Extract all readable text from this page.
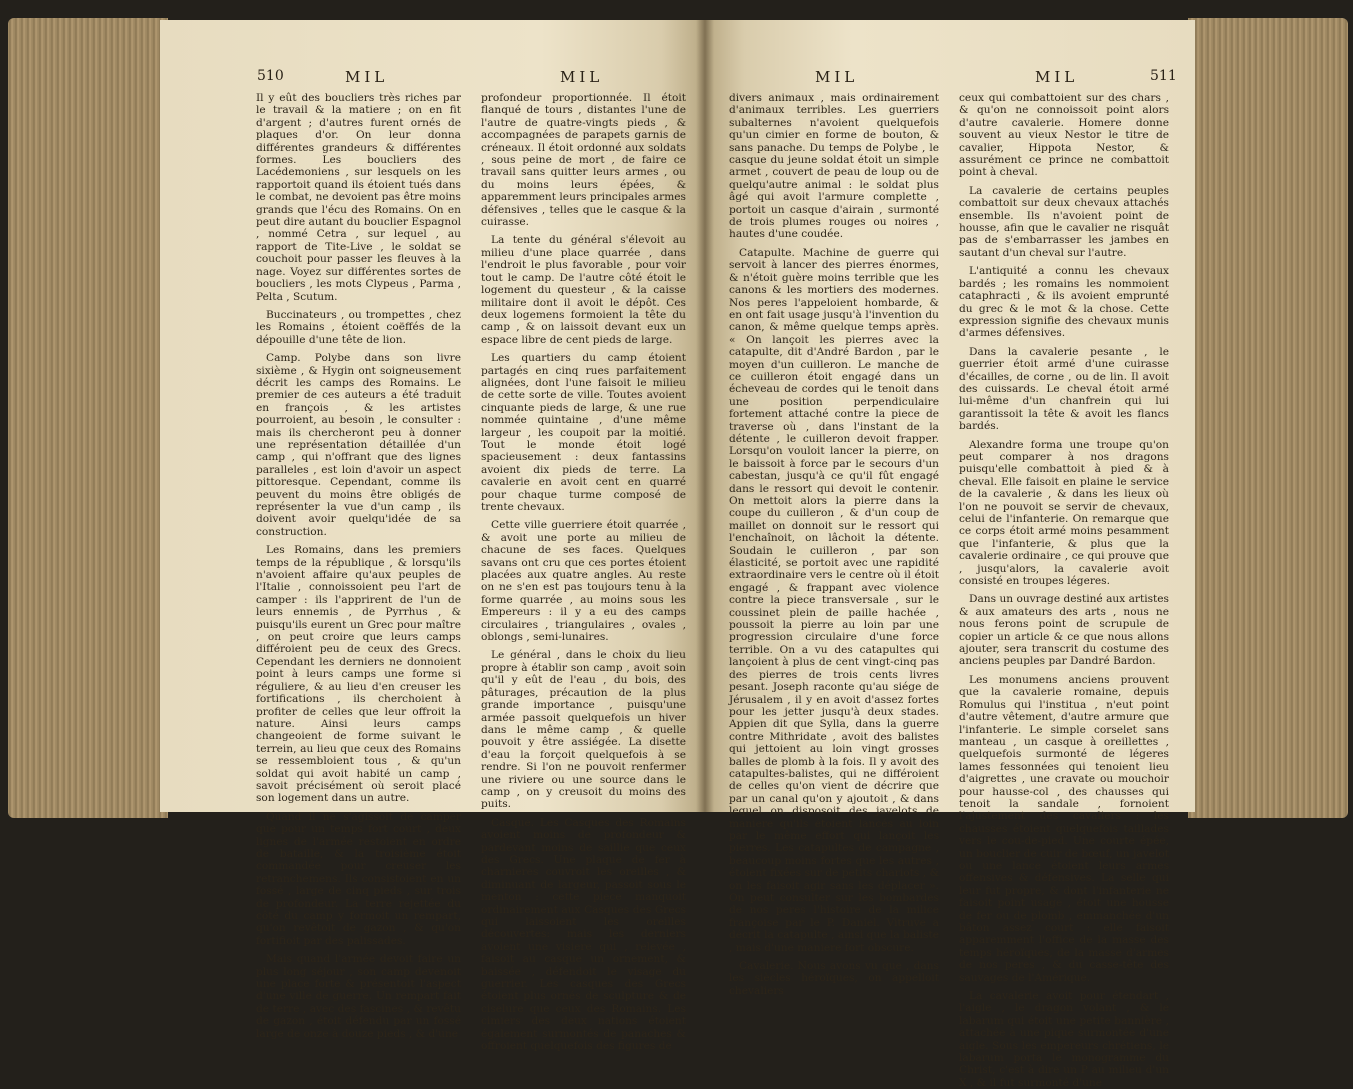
510	MIL	MIL

Il y eût des boucliers très riches par le travail & la matiere ; on en fit d'argent ; d'autres furent ornés de plaques d'or. On leur donna différentes grandeurs & différentes formes. Les boucliers des Lacédemoniens , sur lesquels on les rapportoit quand ils étoient tués dans le combat, ne devoient pas être moins grands que l'écu des Romains. On en peut dire autant du bouclier Espagnol , nommé Cetra , sur lequel , au rapport de Tite-Live , le soldat se couchoit pour passer les fleuves à la nage. Voyez sur différentes sortes de boucliers , les mots Clypeus , Parma , Pelta , Scutum.

Buccinateurs , ou trompettes , chez les Romains , étoient coëffés de la dépouille d'une tête de lion.

Camp. Polybe dans son livre sixième , & Hygin ont soigneusement décrit les camps des Romains. Le premier de ces auteurs a été traduit en françois , & les artistes pourroient, au besoin , le consulter : mais ils chercheront peu à donner une représentation détaillée d'un camp , qui n'offrant que des lignes paralleles , est loin d'avoir un aspect pittoresque. Cependant, comme ils peuvent du moins être obligés de représenter la vue d'un camp , ils doivent avoir quelqu'idée de sa construction.

Les Romains, dans les premiers temps de la république , & lorsqu'ils n'avoient affaire qu'aux peuples de l'Italie , connoissoient peu l'art de camper : ils l'apprirent de l'un de leurs ennemis , de Pyrrhus , & puisqu'ils eurent un Grec pour maître , on peut croire que leurs camps différoient peu de ceux des Grecs. Cependant les derniers ne donnoient point à leurs camps une forme si réguliere, & au lieu d'en creuser les fortifications , ils cherchoient à profiter de celles que leur offroit la nature. Ainsi leurs camps changeoient de forme suivant le terrein, au lieu que ceux des Romains se ressembloient tous , & qu'un soldat qui avoit habité un camp , savoit précisément où seroit placé son logement dans un autre.

Quand il ne s'agissoit de camper que pour un temps fort court , deux lignes de l'armée restoient en ordre de bataille, & la troisième étoit commandée pour creuser les retranchemens. Ils consistoient en un fossé , large de cinq pieds , sur trois de profondeur. La terre rejettée du côté du camp y formoit un rempart, qu'on revêtoit de gazon , & qu'on fortifioit par des palissades.

Mais quand l'armée devoit faire un plus long séjour , son camp devenoit une place forte & présentoit l'aspect d'une ville de guerre. Un rempart fait de terre , avec des fascines , & revêtu de gazon , étoit défendu par un fossé large de onze à douze pieds , & d'une

profondeur proportionnée. Il étoit flanqué de tours , distantes l'une de l'autre de quatre-vingts pieds , & accompagnées de parapets garnis de créneaux. Il étoit ordonné aux soldats , sous peine de mort , de faire ce travail sans quitter leurs armes , ou du moins leurs épées, & apparemment leurs principales armes défensives , telles que le casque & la cuirasse.

La tente du général s'élevoit au milieu d'une place quarrée , dans l'endroit le plus favorable , pour voir tout le camp. De l'autre côté étoit le logement du questeur , & la caisse militaire dont il avoit le dépôt. Ces deux logemens formoient la tête du camp , & on laissoit devant eux un espace libre de cent pieds de large.

Les quartiers du camp étoient partagés en cinq rues parfaitement alignées, dont l'une faisoit le milieu de cette sorte de ville. Toutes avoient cinquante pieds de large, & une rue nommée quintaine , d'une même largeur , les coupoit par la moitié. Tout le monde étoit logé spacieusement : deux fantassins avoient dix pieds de terre. La cavalerie en avoit cent en quarré pour chaque turme composé de trente chevaux.

Cette ville guerriere étoit quarrée , & avoit une porte au milieu de chacune de ses faces. Quelques savans ont cru que ces portes étoient placées aux quatre angles. Au reste on ne s'en est pas toujours tenu à la forme quarrée , au moins sous les Empereurs : il y a eu des camps circulaires , triangulaires , ovales , oblongs , semi-lunaires.

Le général , dans le choix du lieu propre à établir son camp , avoit soin qu'il y eût de l'eau , du bois, des pâturages, précaution de la plus grande importance , puisqu'une armée passoit quelquefois un hiver dans le même camp , & quelle pouvoit y être assiégée. La disette d'eau la forçoit quelquefois à se rendre. Si l'on ne pouvoit renfermer une riviere ou une source dans le camp , on y creusoit du moins des puits.

Casque. Les Casques des Romains avoient moins de profondeur & pardevant moins de saillie que ceux des Grecs. Une plaque de fer à charnieres couvroit les oreilles , & diminuant de largeur, passoit sous le menton : cette piece manquoit ordinairement aux Casques des Grecs qui laissoient les oreilles découvertes: mais les derniers avoient une visiere qui , relevée , faisoit au casque un ornement, & baissée , défendoit le visage du guerrier. Les casques des Grecs étoient plus ornés de sculpture & de ciselure que ceux des Romains. Les cimiers des deux nations étoient également surmontés de panaches & offroient quelquefois des figures de

MIL	MIL	511

divers animaux , mais ordinairement d'animaux terribles. Les guerriers subalternes n'avoient quelquefois qu'un cimier en forme de bouton, & sans panache. Du temps de Polybe , le casque du jeune soldat étoit un simple armet , couvert de peau de loup ou de quelqu'autre animal : le soldat plus âgé qui avoit l'armure complette , portoit un casque d'airain , surmonté de trois plumes rouges ou noires , hautes d'une coudée.

Catapulte. Machine de guerre qui servoit à lancer des pierres énormes, & n'étoit guère moins terrible que les canons & les mortiers des modernes. Nos peres l'appeloient hombarde, & en ont fait usage jusqu'à l'invention du canon, & même quelque temps après. « On lançoit les pierres avec la catapulte, dit d'André Bardon , par le moyen d'un cuilleron. Le manche de ce cuilleron étoit engagé dans un écheveau de cordes qui le tenoit dans une position perpendiculaire fortement attaché contre la piece de traverse où , dans l'instant de la détente , le cuilleron devoit frapper. Lorsqu'on vouloit lancer la pierre, on le baissoit à force par le secours d'un cabestan, jusqu'à ce qu'il fût engagé dans le ressort qui devoit le contenir. On mettoit alors la pierre dans la coupe du cuilleron , & d'un coup de maillet on donnoit sur le ressort qui l'enchaînoit, on lâchoit la détente. Soudain le cuilleron , par son élasticité, se portoit avec une rapidité extraordinaire vers le centre où il étoit engagé , & frappant avec violence contre la piece transversale , sur le coussinet plein de paille hachée , poussoit la pierre au loin par une progression circulaire d'une force terrible. On a vu des catapultes qui lançoient à plus de cent vingt-cinq pas des pierres de trois cents livres pesant. Joseph raconte qu'au siége de Jérusalem , il y en avoit d'assez fortes pour les jetter jusqu'à deux stades. Appien dit que Sylla, dans la guerre contre Mithridate , avoit des balistes qui jettoient au loin vingt grosses balles de plomb à la fois. Il y avoit des catapultes-balistes, qui ne différoient de celles qu'on vient de décrire que par un canal qu'on y ajoutoit , & dans lequel on disposoit des javelots de maniere qu'ils étoient lancés au loin par le même effort qui lançoit les pierres. Les catapultes de campagne , beaucoup moins fortes que les autres , étoient fixées sur de petits chariots , & on les faisoit agir sans les déplacer ». On peut consulter sur les bombardes de nos peres l'histoire de la milice françoise par le P. Daniel. Vitruve a décrit la catapulte , ainsi que la baliste , mais d'une maniere fort obscure.

Cavalerie. Nous avons vu que , dans les siècles héroïques, on appelloit chevaliers

ceux qui combattoient sur des chars , & qu'on ne connoissoit point alors d'autre cavalerie. Homere donne souvent au vieux Nestor le titre de cavalier, Hippota Nestor, & assurément ce prince ne combattoit point à cheval.

La cavalerie de certains peuples combattoit sur deux chevaux attachés ensemble. Ils n'avoient point de housse, afin que le cavalier ne risquât pas de s'embarrasser les jambes en sautant d'un cheval sur l'autre.

L'antiquité a connu les chevaux bardés ; les romains les nommoient cataphracti , & ils avoient emprunté du grec & le mot & la chose. Cette expression signifie des chevaux munis d'armes défensives.

Dans la cavalerie pesante , le guerrier étoit armé d'une cuirasse d'écailles, de corne , ou de lin. Il avoit des cuissards. Le cheval étoit armé lui-même d'un chanfrein qui lui garantissoit la tête & avoit les flancs bardés.

Alexandre forma une troupe qu'on peut comparer à nos dragons puisqu'elle combattoit à pied & à cheval. Elle faisoit en plaine le service de la cavalerie , & dans les lieux où l'on ne pouvoit se servir de chevaux, celui de l'infanterie. On remarque que ce corps étoit armé moins pesamment que l'infanterie, & plus que la cavalerie ordinaire , ce qui prouve que , jusqu'alors, la cavalerie avoit consisté en troupes légeres.

Dans un ouvrage destiné aux artistes & aux amateurs des arts , nous ne nous ferons point de scrupule de copier un article & ce que nous allons ajouter, sera transcrit du costume des anciens peuples par Dandré Bardon.

Les monumens anciens prouvent que la cavalerie romaine, depuis Romulus qui l'institua , n'eut point d'autre vêtement, d'autre armure que l'infanterie. Le simple corselet sans manteau , un casque à oreillettes , quelquefois surmonté de légeres lames fessonnées qui tenoient lieu d'aigrettes , une cravate ou mouchoir pour hausse-col , des chausses qui tenoit la sandale , fornoient l'ajustement des cavaliers : les chausses étoient quelquefois taillades vers le cou-de-pied. Une courte épée, un bouclier de cuir de bœuf, un javelot ou une lance étoient leurs armes offensives & défensives. La selle qui leur fut propre, & dont l'infanterie ne faisoit point usage , étoit une housse de fer ou de plomb , emmanchée d'un bâton assez court : elle faisoit apparemment l'office de la masse des temps héroïques, de la masse d'armes de nos peres , & du casse-tête des sauvages de l'Amérique.

La cavalerie avoit pour étendart , l'aigle , le dragon volant , & le labarum qui étoit une petite bannière , attachée à une pique surmontée d'une aigle. Sous les empereurs chrétiens, le labarum porta le monogramme du Christ, c'est à dire un P au milieu d'un X , & il fut surmonté d'une
